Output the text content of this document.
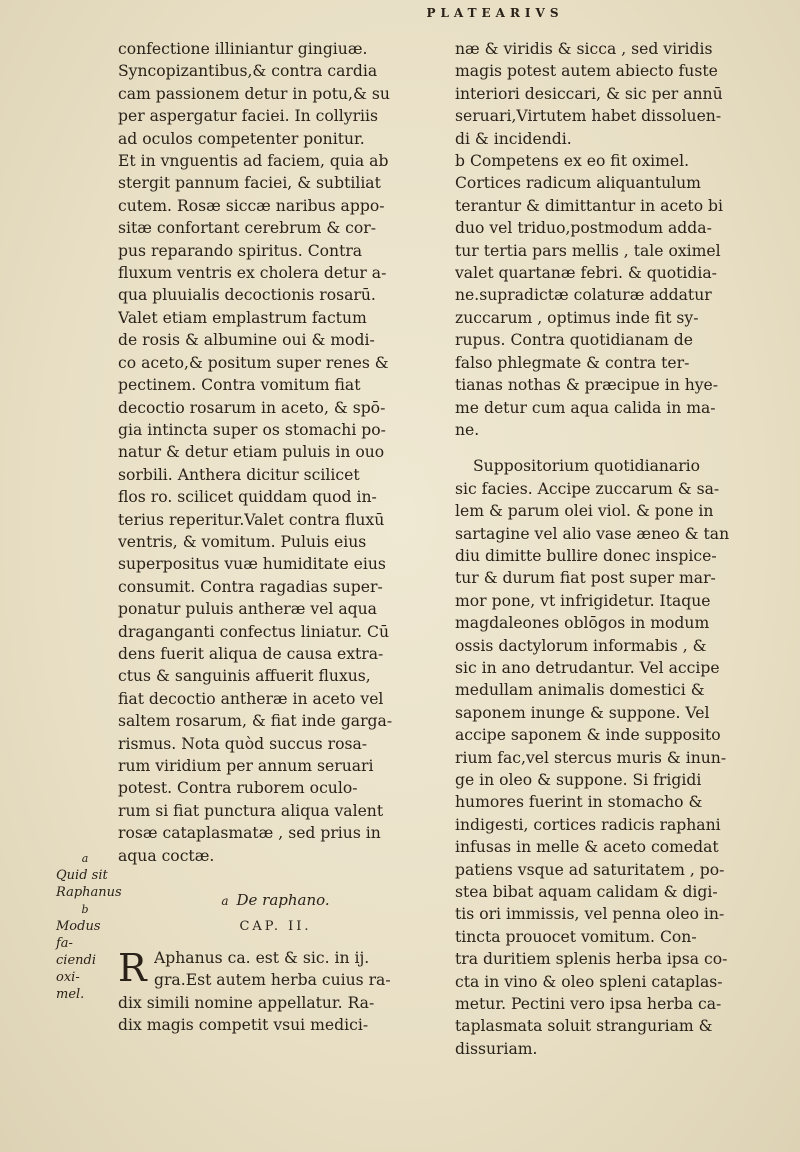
PLATEARIVS
confectione illiniantur gingiuæ.
Syncopizantibus,& contra cardia
cam passionem detur in potu,& su
per aspergatur faciei. In collyriis
ad oculos competenter ponitur.
Et in vnguentis ad faciem, quia ab
stergit pannum faciei, & subtiliat
cutem. Rosæ siccæ naribus appo-
sitæ confortant cerebrum & cor-
pus reparando spiritus. Contra
fluxum ventris ex cholera detur a-
qua pluuialis decoctionis rosarū.
Valet etiam emplastrum factum
de rosis & albumine oui & modi-
co aceto,& positum super renes &
pectinem. Contra vomitum fiat
decoctio rosarum in aceto, & spō-
gia intincta super os stomachi po-
natur & detur etiam puluis in ouo
sorbili. Anthera dicitur scilicet
flos ro. scilicet quiddam quod in-
terius reperitur.Valet contra fluxū
ventris, & vomitum. Puluis eius
superpositus vuæ humiditate eius
consumit. Contra ragadias super-
ponatur puluis antheræ vel aqua
draganganti confectus liniatur. Cū
dens fuerit aliqua de causa extra-
ctus & sanguinis affuerit fluxus,
fiat decoctio antheræ in aceto vel
saltem rosarum, & fiat inde garga-
rismus. Nota quòd succus rosa-
rum viridium per annum seruari
potest. Contra ruborem oculo-
rum si fiat punctura aliqua valent
rosæ cataplasmatæ , sed prius in
aqua coctæ.
a De raphano.
CAP. II.
R Aphanus ca. est & sic. in ij.
gra.Est autem herba cuius ra-
dix simili nomine appellatur. Ra-
dix magis competit vsui medici-
næ & viridis & sicca , sed viridis
magis potest autem abiecto fuste
interiori desiccari, & sic per annū
seruari,Virtutem habet dissoluen-
di & incidendi.
b Competens ex eo fit oximel.
Cortices radicum aliquantulum
terantur & dimittantur in aceto bi
duo vel triduo,postmodum adda-
tur tertia pars mellis , tale oximel
valet quartanæ febri. & quotidia-
ne.supradictæ colaturæ addatur
zuccarum , optimus inde fit sy-
rupus. Contra quotidianam de
falso phlegmate & contra ter-
tianas nothas & præcipue in hye-
me detur cum aqua calida in ma-
ne.
Suppositorium quotidianario
sic facies. Accipe zuccarum & sa-
lem & parum olei viol. & pone in
sartagine vel alio vase æneo & tan
diu dimitte bullire donec inspice-
tur & durum fiat post super mar-
mor pone, vt infrigidetur. Itaque
magdaleones oblōgos in modum
ossis dactylorum informabis , &
sic in ano detrudantur. Vel accipe
medullam animalis domestici &
saponem inunge & suppone. Vel
accipe saponem & inde supposito
rium fac,vel stercus muris & inun-
ge in oleo & suppone. Si frigidi
humores fuerint in stomacho &
indigesti, cortices radicis raphani
infusas in melle & aceto comedat
patiens vsque ad saturitatem , po-
stea bibat aquam calidam & digi-
tis ori immissis, vel penna oleo in-
tincta prouocet vomitum. Con-
tra duritiem splenis herba ipsa co-
cta in vino & oleo spleni cataplas-
metur. Pectini vero ipsa herba ca-
taplasmata soluit stranguriam &
dissuriam.
a
Quid sit
Raphanus
b
Modus fa-
ciendi oxi-
mel.
